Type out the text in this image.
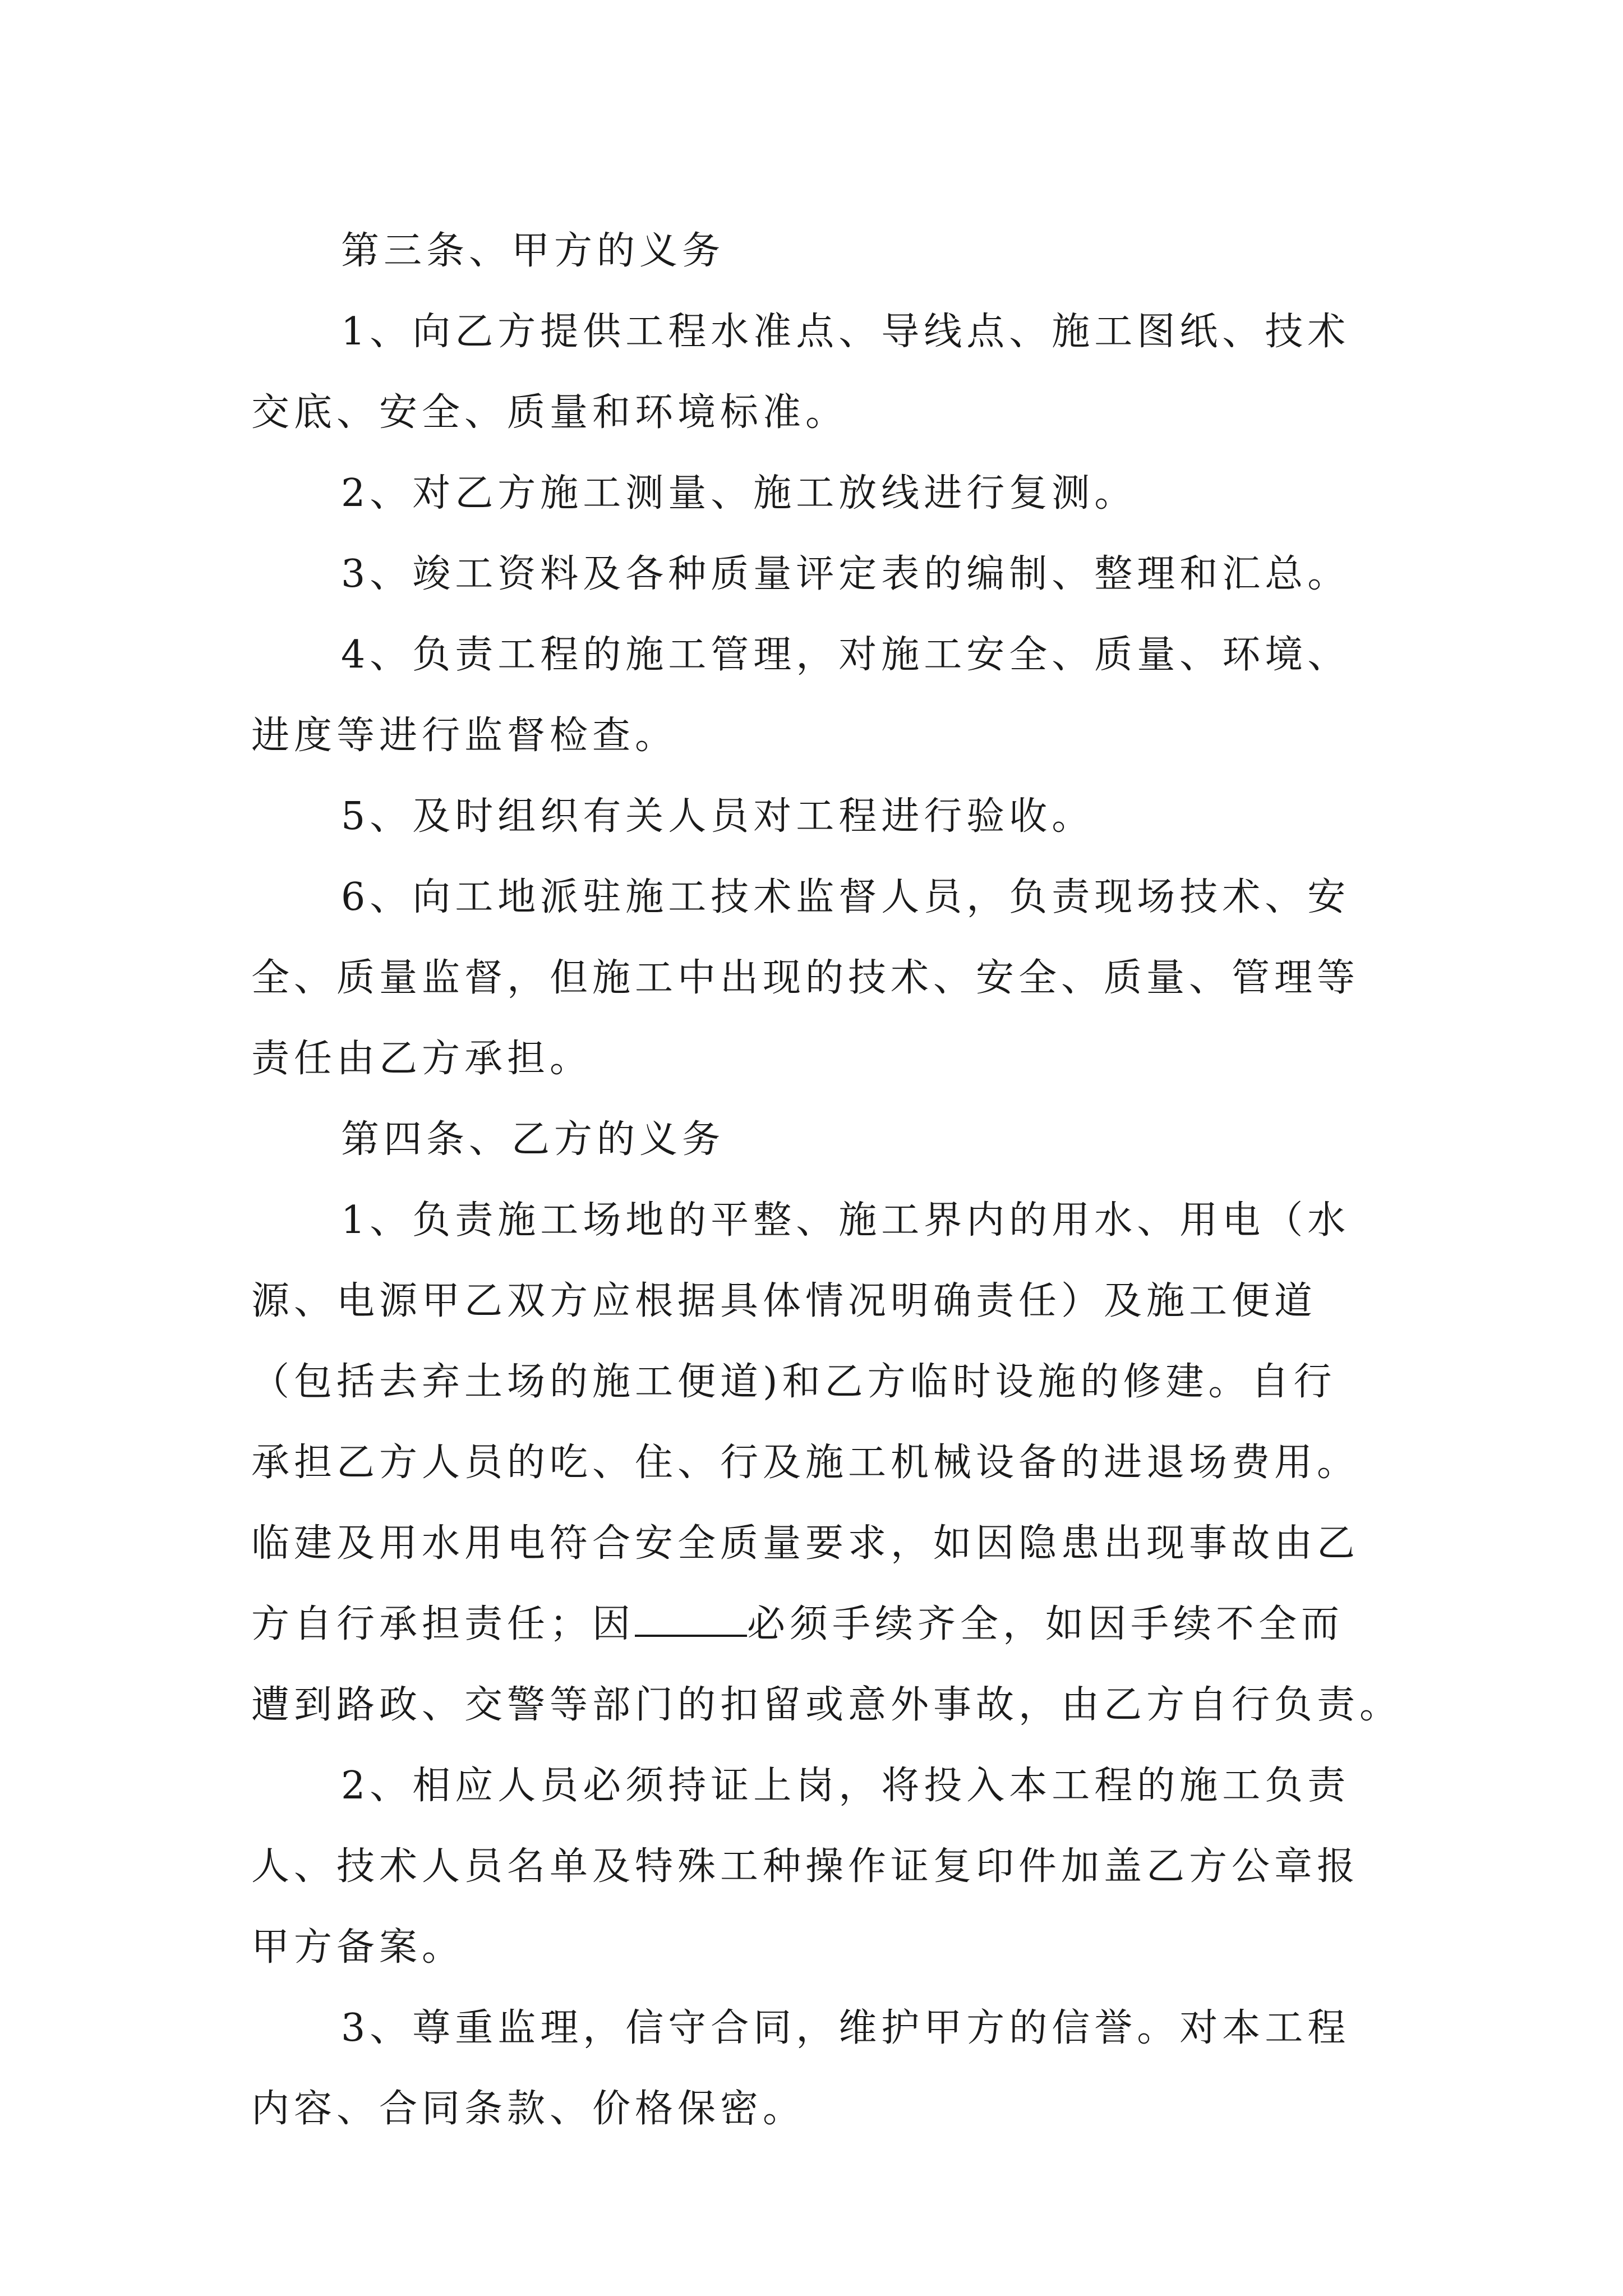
第三条、甲方的义务
1、向乙方提供工程水准点、导线点、施工图纸、技术
交底、安全、质量和环境标准。
2、对乙方施工测量、施工放线进行复测。
3、竣工资料及各种质量评定表的编制、整理和汇总。
4、负责工程的施工管理，对施工安全、质量、环境、
进度等进行监督检查。
5、及时组织有关人员对工程进行验收。
6、向工地派驻施工技术监督人员，负责现场技术、安
全、质量监督，但施工中出现的技术、安全、质量、管理等
责任由乙方承担。
第四条、乙方的义务
1、负责施工场地的平整、施工界内的用水、用电（水
源、电源甲乙双方应根据具体情况明确责任）及施工便道
（包括去弃土场的施工便道)和乙方临时设施的修建。自行
承担乙方人员的吃、住、行及施工机械设备的进退场费用。
临建及用水用电符合安全质量要求，如因隐患出现事故由乙
方自行承担责任；因	必须手续齐全，如因手续不全而
遭到路政、交警等部门的扣留或意外事故，由乙方自行负责。
2、相应人员必须持证上岗，将投入本工程的施工负责
人、技术人员名单及特殊工种操作证复印件加盖乙方公章报
甲方备案。
3、尊重监理，信守合同，维护甲方的信誉。对本工程
内容、合同条款、价格保密。
